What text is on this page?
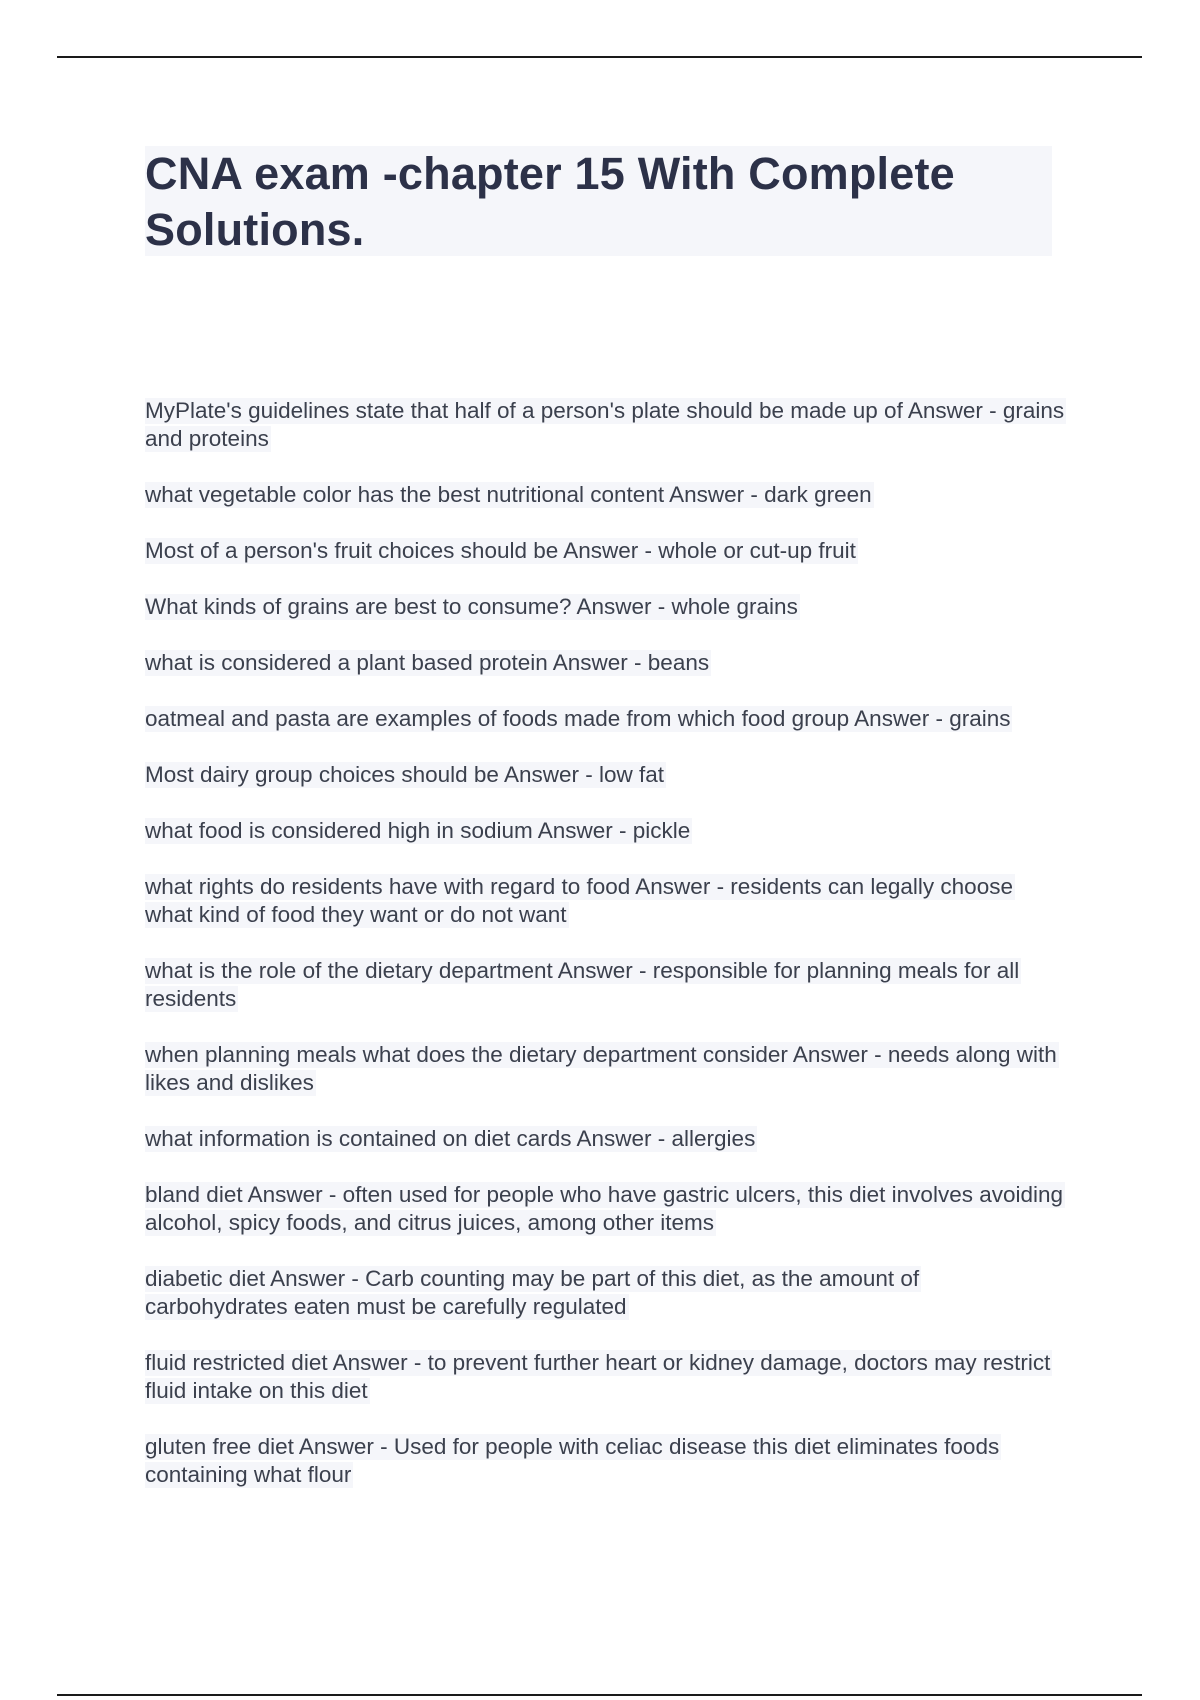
CNA exam -chapter 15 With Complete Solutions.

MyPlate's guidelines state that half of a person's plate should be made up of Answer - grains and proteins

what vegetable color has the best nutritional content Answer - dark green

Most of a person's fruit choices should be Answer - whole or cut-up fruit

What kinds of grains are best to consume? Answer - whole grains

what is considered a plant based protein Answer - beans

oatmeal and pasta are examples of foods made from which food group Answer - grains

Most dairy group choices should be Answer - low fat

what food is considered high in sodium Answer - pickle

what rights do residents have with regard to food Answer - residents can legally choose what kind of food they want or do not want

what is the role of the dietary department Answer - responsible for planning meals for all residents

when planning meals what does the dietary department consider Answer - needs along with likes and dislikes

what information is contained on diet cards Answer - allergies

bland diet Answer - often used for people who have gastric ulcers, this diet involves avoiding alcohol, spicy foods, and citrus juices, among other items

diabetic diet Answer - Carb counting may be part of this diet, as the amount of carbohydrates eaten must be carefully regulated

fluid restricted diet Answer - to prevent further heart or kidney damage, doctors may restrict fluid intake on this diet

gluten free diet Answer - Used for people with celiac disease this diet eliminates foods containing what flour
